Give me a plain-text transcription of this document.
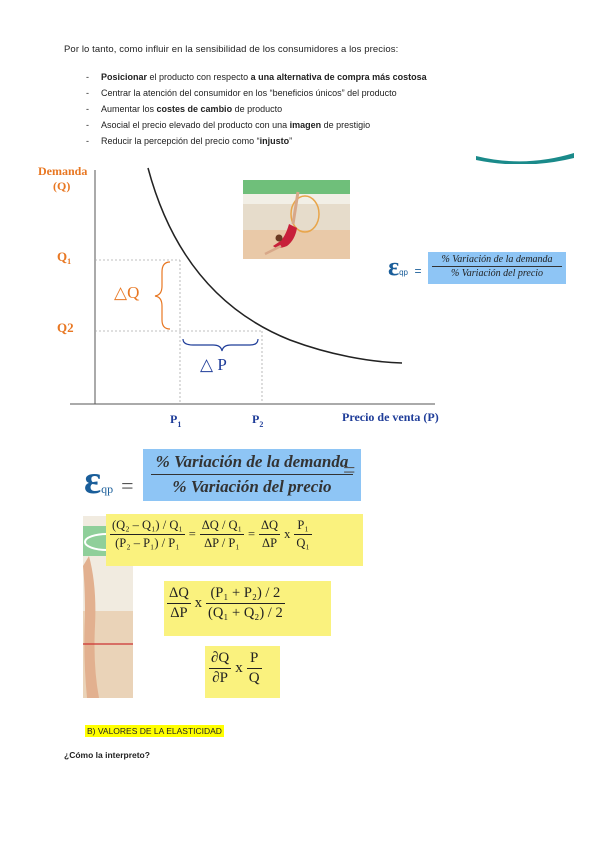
Por lo tanto, como influir en la sensibilidad de los consumidores a los precios:
- Posicionar el producto con respecto a una alternativa de compra más costosa
- Centrar la atención del consumidor en los “beneficios únicos” del producto
- Aumentar los costes de cambio de producto
- Asocial el precio elevado del producto con una imagen de prestigio
- Reducir la percepción del precio como “injusto”
Demanda
(Q)
$Q_1$
Q2
△Q
△ P
$P_1$	$P_2$
Precio de venta (P)
εqp =
% Variación de la demanda
% Variación del precio
εqp =
% Variación de la demanda
% Variación del precio
=
$\frac{\text{(Q₂ – Q₁) / Q₁}}{\text{(P₂ – P₁) / P₁}} = \frac{\text{ΔQ / Q₁}}{\text{ΔP / P₁}} = \frac{\Delta Q}{\Delta P}$ x $\frac{\text{P₁}}{\text{Q₁}}$
$\frac{\Delta Q}{\Delta P}$ x $\frac{\text{(P₁ + P₂) / 2}}{\text{(Q₁ + Q₂) / 2}}$
$\frac{\partial Q}{\partial P}$ x $\frac{P}{Q}$
B) VALORES DE LA ELASTICIDAD
¿Cómo la interpreto?
